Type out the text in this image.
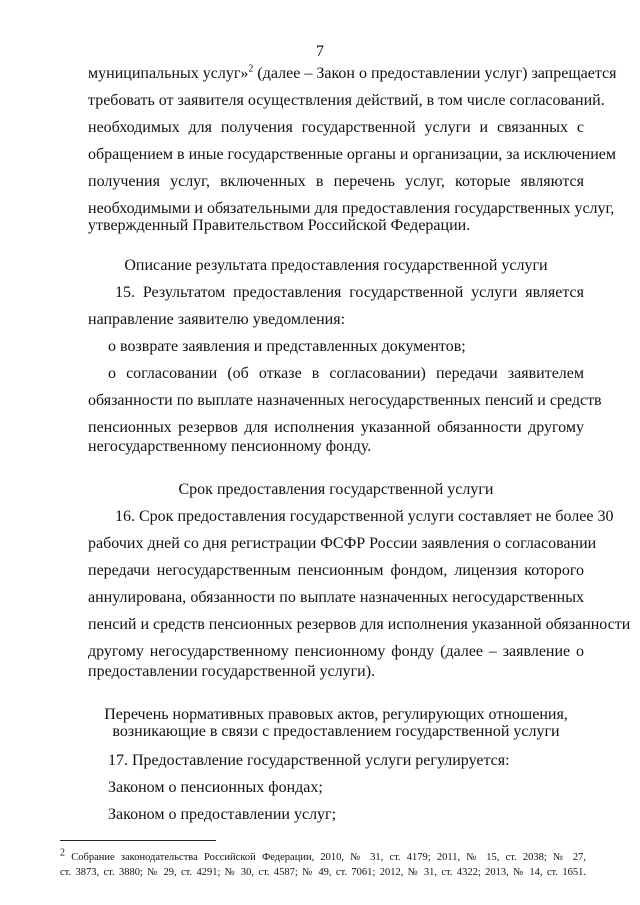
7
муниципальных услуг»$^2$ (далее – Закон о предоставлении услуг) запрещается
требовать от заявителя осуществления действий, в том числе согласований.
необходимых для получения государственной услуги и связанных с
обращением в иные государственные органы и организации, за исключением
получения услуг, включенных в перечень услуг, которые являются
необходимыми и обязательными для предоставления государственных услуг,
утвержденный Правительством Российской Федерации.
Описание результата предоставления государственной услуги
15. Результатом предоставления государственной услуги является
направление заявителю уведомления:
о возврате заявления и представленных документов;
о согласовании (об отказе в согласовании) передачи заявителем
обязанности по выплате назначенных негосударственных пенсий и средств
пенсионных резервов для исполнения указанной обязанности другому
негосударственному пенсионному фонду.
Срок предоставления государственной услуги
16. Срок предоставления государственной услуги составляет не более 30
рабочих дней со дня регистрации ФСФР России заявления о согласовании
передачи негосударственным пенсионным фондом, лицензия которого
аннулирована, обязанности по выплате назначенных негосударственных
пенсий и средств пенсионных резервов для исполнения указанной обязанности
другому негосударственному пенсионному фонду (далее – заявление о
предоставлении государственной услуги).
Перечень нормативных правовых актов, регулирующих отношения,
возникающие в связи с предоставлением государственной услуги
17. Предоставление государственной услуги регулируется:
Законом о пенсионных фондах;
Законом о предоставлении услуг;
$^2$ Собрание законодательства Российской Федерации, 2010, № 31, ст. 4179; 2011, № 15, ст. 2038; № 27,
ст. 3873, ст. 3880; № 29, ст. 4291; № 30, ст. 4587; № 49, ст. 7061; 2012, № 31, ст. 4322; 2013, № 14, ст. 1651.
